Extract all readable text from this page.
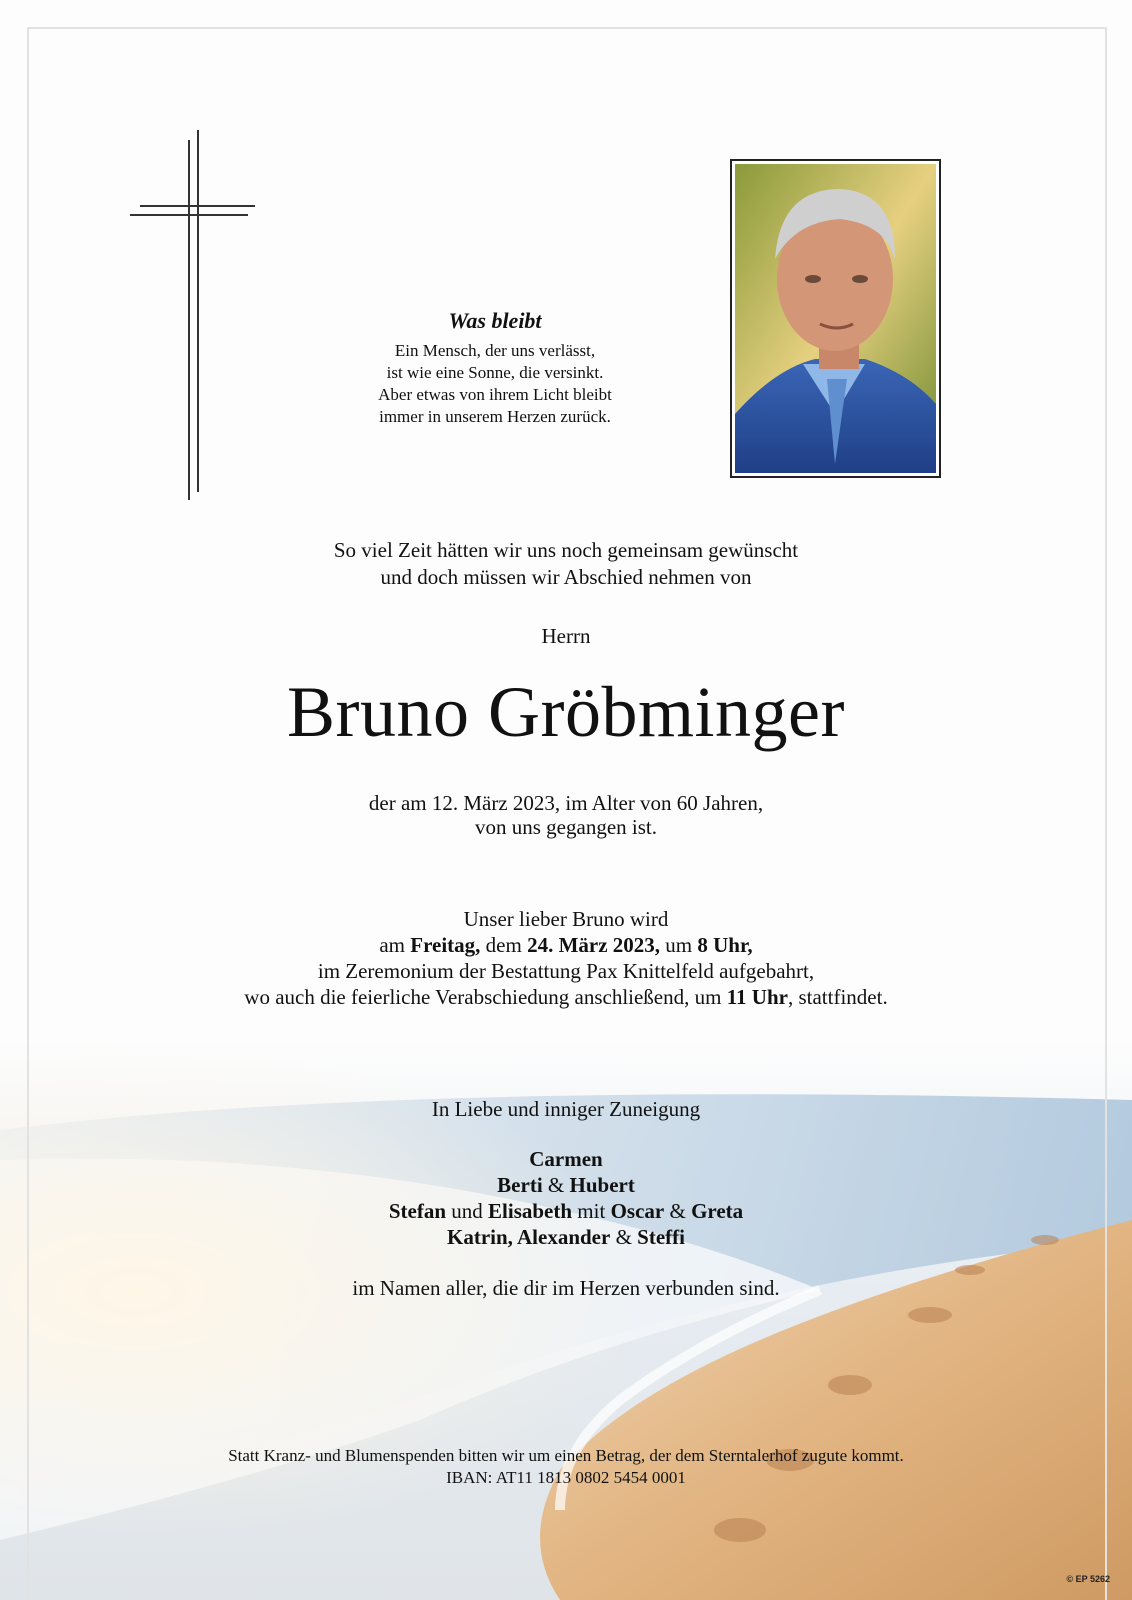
Was bleibt
Ein Mensch, der uns verlässt,
ist wie eine Sonne, die versinkt.
Aber etwas von ihrem Licht bleibt
immer in unserem Herzen zurück.
So viel Zeit hätten wir uns noch gemeinsam gewünscht
und doch müssen wir Abschied nehmen von
Herrn
Bruno Gröbminger
der am 12. März 2023, im Alter von 60 Jahren,
von uns gegangen ist.
Unser lieber Bruno wird
am Freitag, dem 24. März 2023, um 8 Uhr,
im Zeremonium der Bestattung Pax Knittelfeld aufgebahrt,
wo auch die feierliche Verabschiedung anschließend, um 11 Uhr, stattfindet.
In Liebe und inniger Zuneigung
Carmen
Berti & Hubert
Stefan und Elisabeth mit Oscar & Greta
Katrin, Alexander & Steffi
im Namen aller, die dir im Herzen verbunden sind.
Statt Kranz- und Blumenspenden bitten wir um einen Betrag, der dem Sterntalerhof zugute kommt.
IBAN: AT11 1813 0802 5454 0001
© EP 5262
